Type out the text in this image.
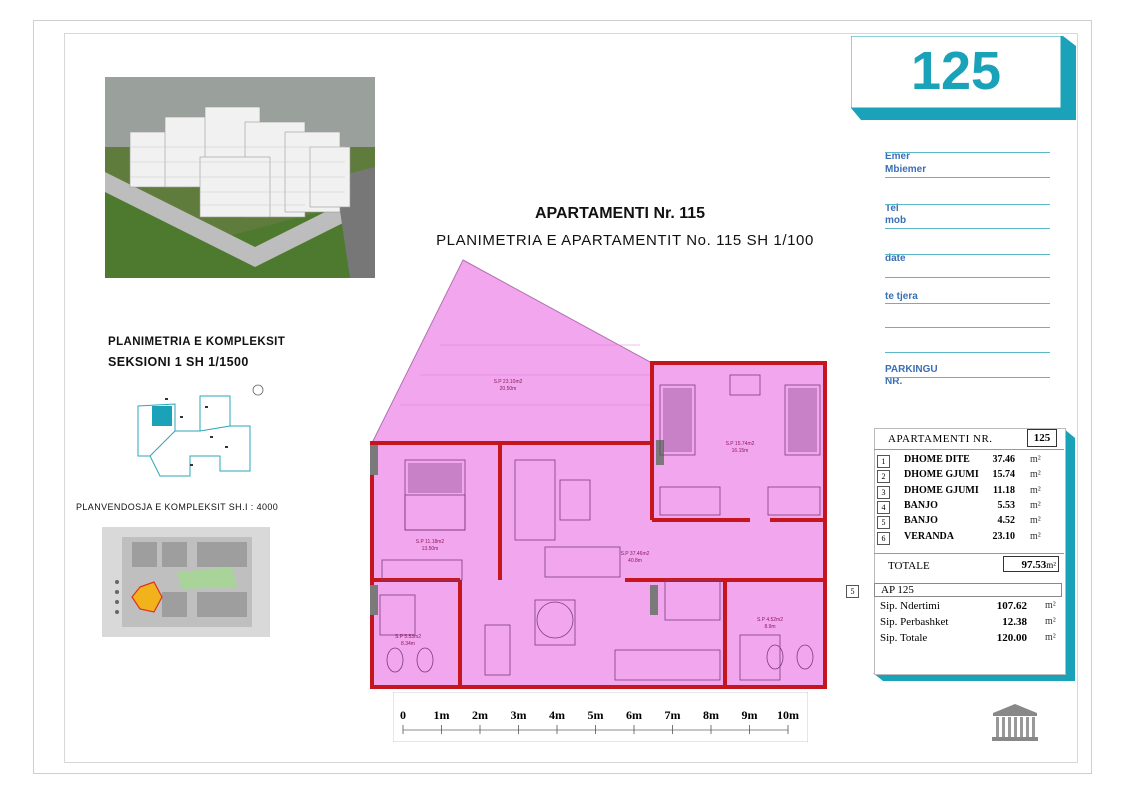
APARTAMENTI Nr. 115
PLANIMETRIA E APARTAMENTIT No. 115 SH 1/100
PLANIMETRIA E KOMPLEKSIT
SEKSIONI 1 SH 1/1500
PLANVENDOSJA E KOMPLEKSIT SH.I : 4000
S.P 23.10m2
20.50m
S.P 15.74m2
16.15m
S.P 11.18m2
13.50m
S.P 37.46m2
40.8m
S.P 5.53m2
8.34m
S.P 4.52m2
8.9m
0 1m 2m 3m 4m 5m 6m 7m 8m 9m 10m
125
Emer
Mbiemer
Tel
mob
date
te tjera
PARKINGU
NR.
APARTAMENTI NR.	125
1	DHOME DITE	37.46 m²
2	DHOME GJUMI	15.74 m²
3	DHOME GJUMI	11.18 m²
4	BANJO	5.53 m²
5	BANJO	4.52 m²
6	VERANDA	23.10 m²
TOTALE	97.53m²
5	AP 125
Sip. Ndertimi	107.62 m²
Sip. Perbashket	12.38 m²
Sip. Totale	120.00 m²
